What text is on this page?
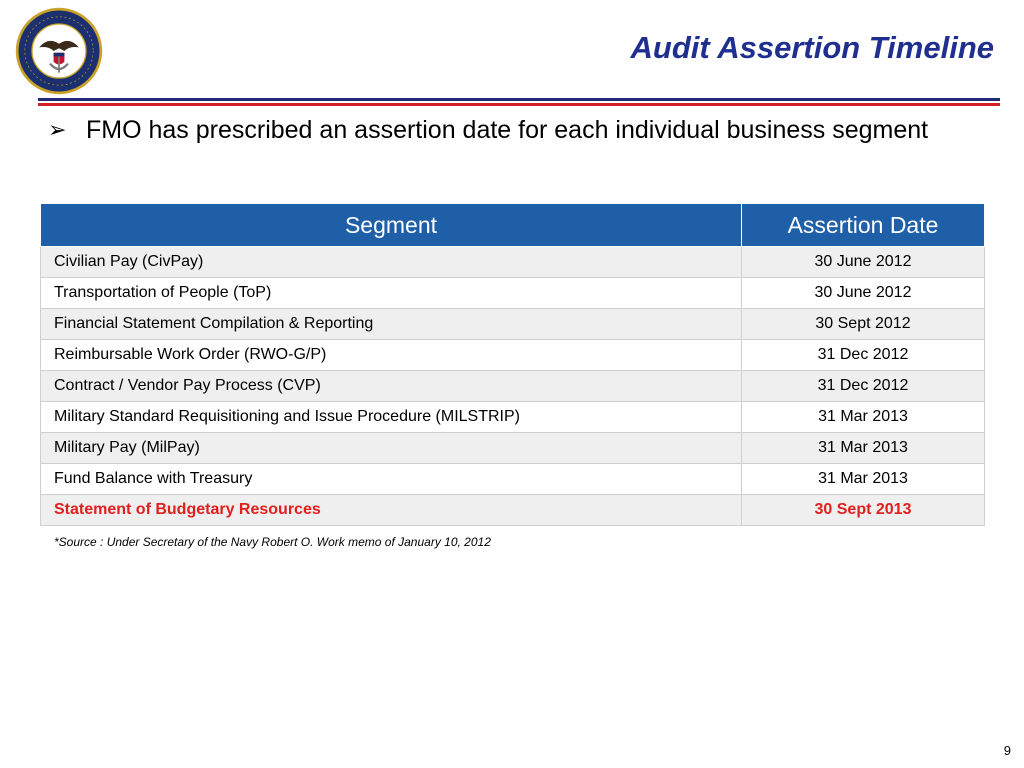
Audit Assertion Timeline
➢ FMO has prescribed an assertion date for each individual business segment
Segment	Assertion Date
Civilian Pay (CivPay)	30 June 2012
Transportation of People (ToP)	30 June 2012
Financial Statement Compilation & Reporting	30 Sept 2012
Reimbursable Work Order (RWO-G/P)	31 Dec 2012
Contract / Vendor Pay Process (CVP)	31 Dec 2012
Military Standard Requisitioning and Issue Procedure (MILSTRIP)	31 Mar 2013
Military Pay (MilPay)	31 Mar 2013
Fund Balance with Treasury	31 Mar 2013
Statement of Budgetary Resources	30 Sept 2013
*Source : Under Secretary of the Navy Robert O. Work memo of January 10, 2012
9
